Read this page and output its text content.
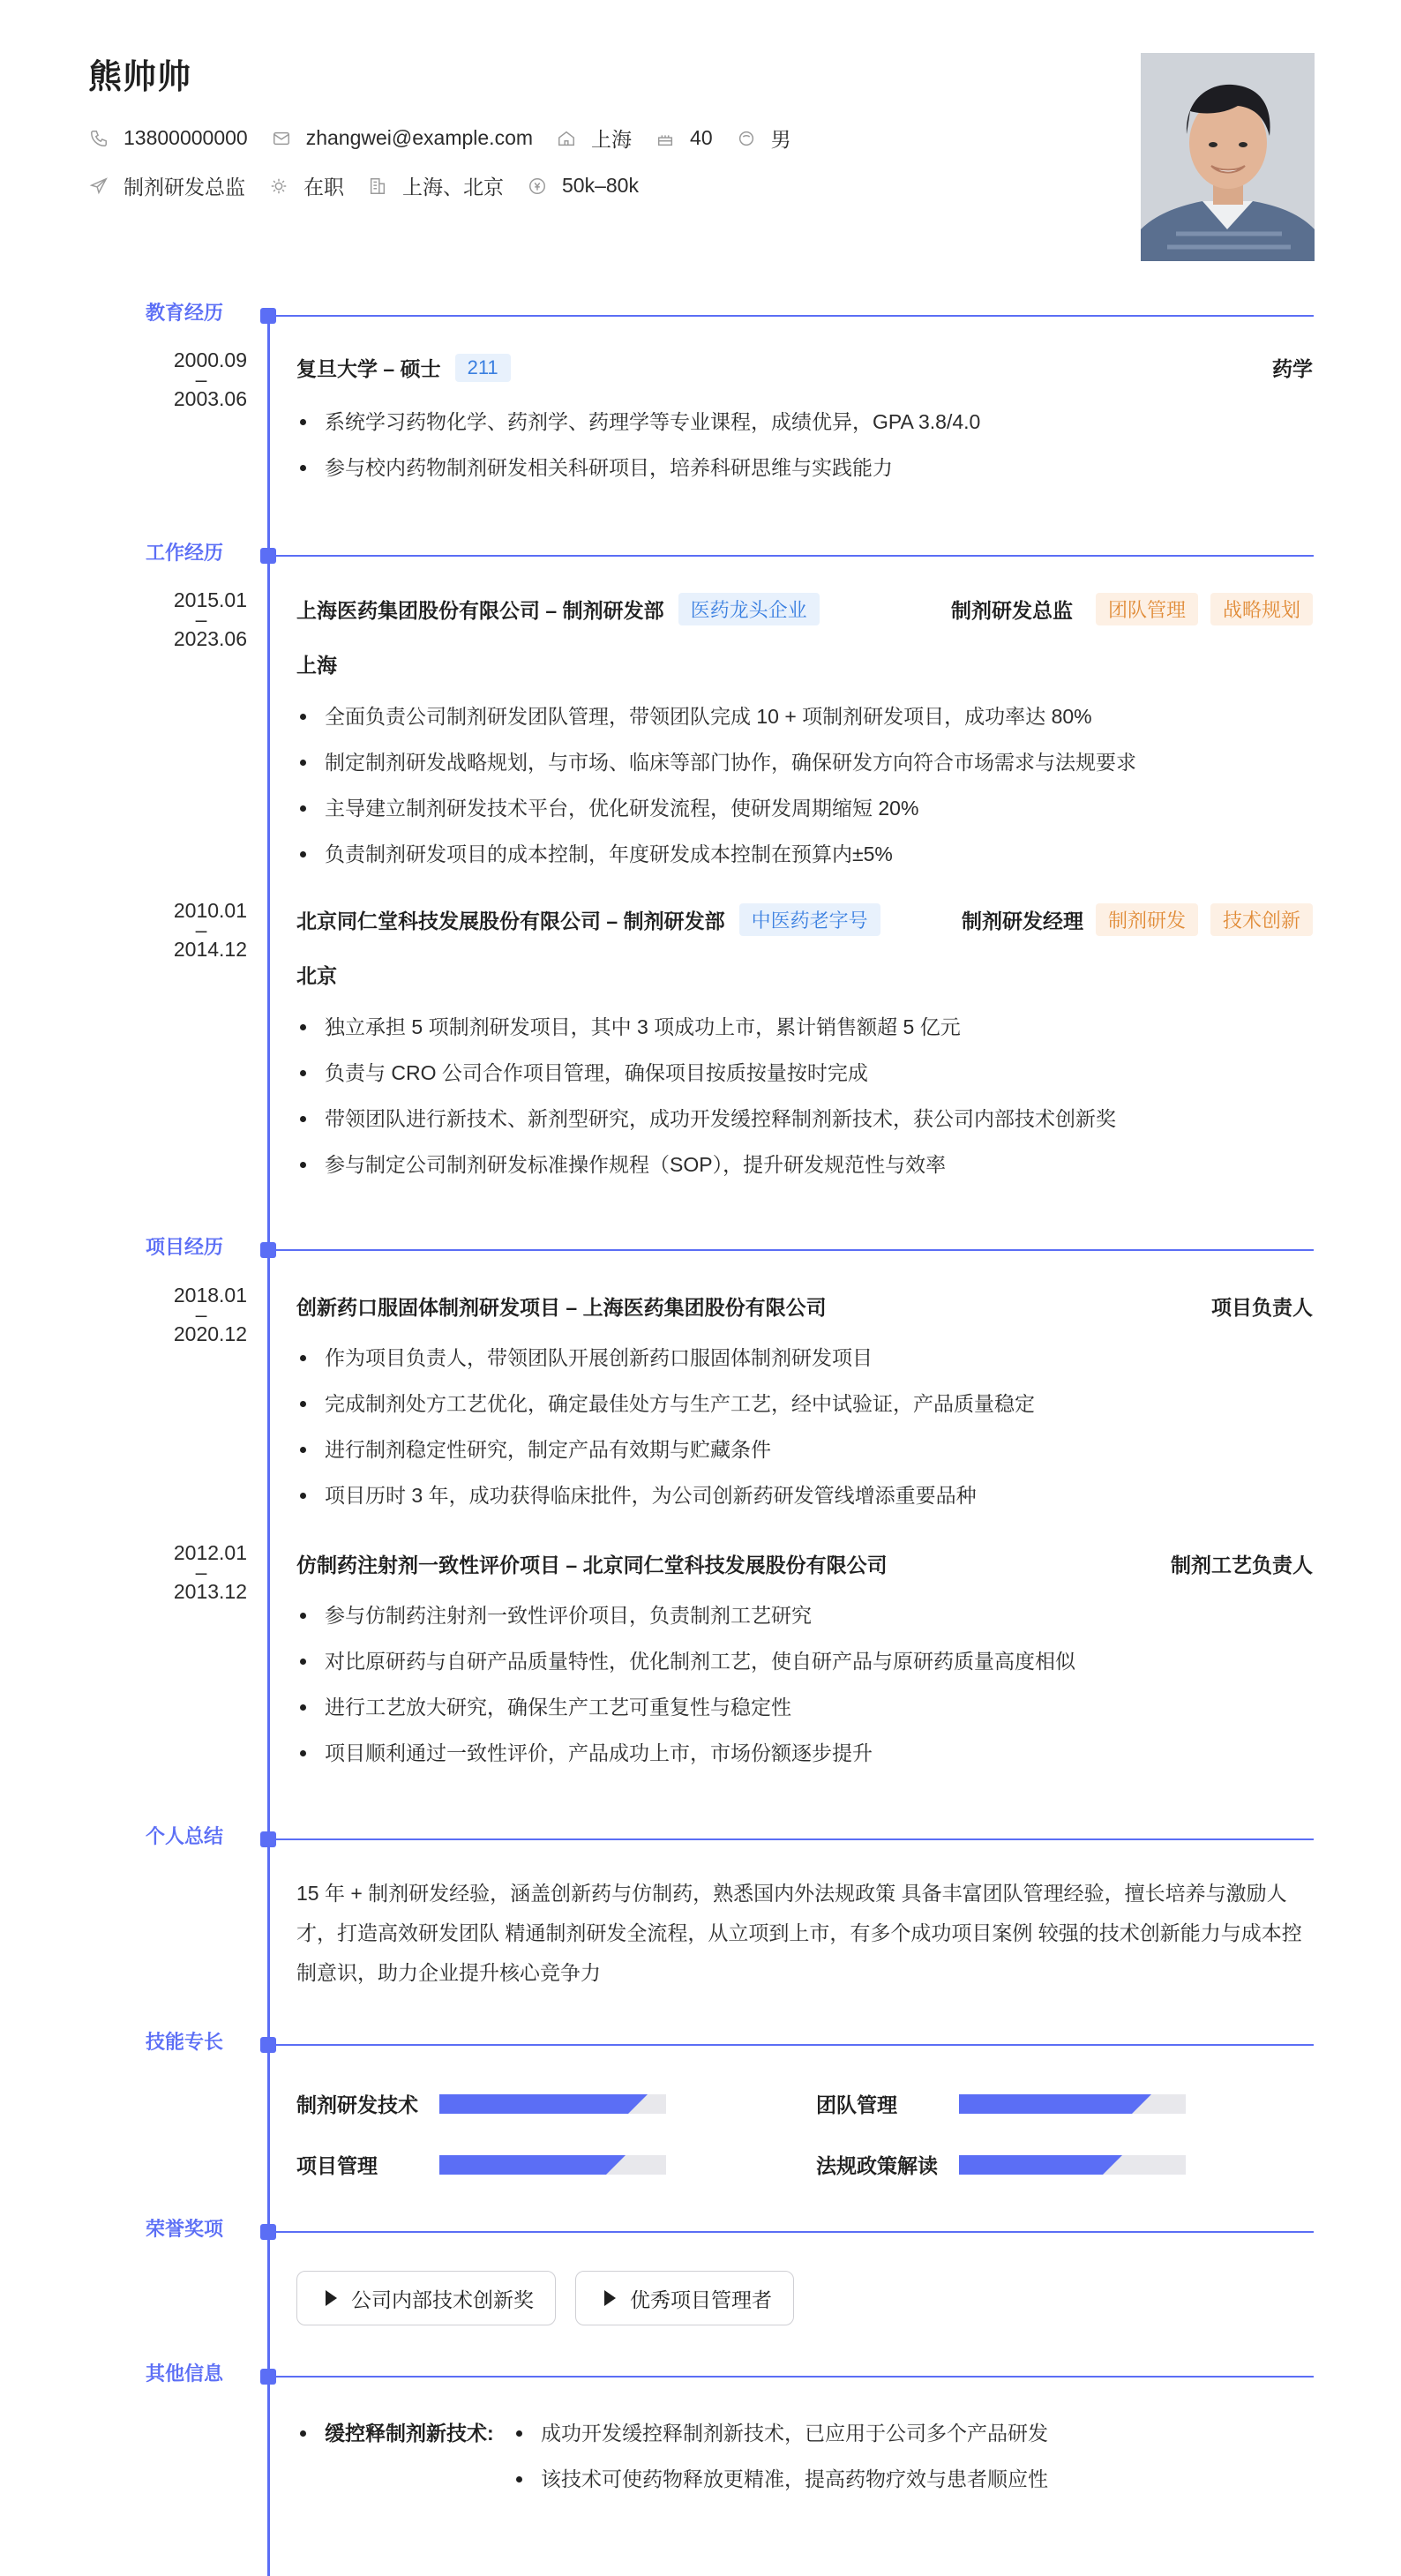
熊帅帅
13800000000	zhangwei@example.com	上海	40	男
制剂研发总监	在职	上海、北京	50k–80k
教育经历
2000.09
–
2003.06
复旦大学 – 硕士	211	药学
系统学习药物化学、药剂学、药理学等专业课程，成绩优异，GPA 3.8/4.0
参与校内药物制剂研发相关科研项目，培养科研思维与实践能力
工作经历
2015.01
–
2023.06
上海医药集团股份有限公司 – 制剂研发部	医药龙头企业	制剂研发总监	团队管理	战略规划
上海
全面负责公司制剂研发团队管理，带领团队完成 10 + 项制剂研发项目，成功率达 80%
制定制剂研发战略规划，与市场、临床等部门协作，确保研发方向符合市场需求与法规要求
主导建立制剂研发技术平台，优化研发流程，使研发周期缩短 20%
负责制剂研发项目的成本控制，年度研发成本控制在预算内±5%
2010.01
–
2014.12
北京同仁堂科技发展股份有限公司 – 制剂研发部	中医药老字号	制剂研发经理	制剂研发	技术创新
北京
独立承担 5 项制剂研发项目，其中 3 项成功上市，累计销售额超 5 亿元
负责与 CRO 公司合作项目管理，确保项目按质按量按时完成
带领团队进行新技术、新剂型研究，成功开发缓控释制剂新技术，获公司内部技术创新奖
参与制定公司制剂研发标准操作规程（SOP），提升研发规范性与效率
项目经历
2018.01
–
2020.12
创新药口服固体制剂研发项目 – 上海医药集团股份有限公司	项目负责人
作为项目负责人，带领团队开展创新药口服固体制剂研发项目
完成制剂处方工艺优化，确定最佳处方与生产工艺，经中试验证，产品质量稳定
进行制剂稳定性研究，制定产品有效期与贮藏条件
项目历时 3 年，成功获得临床批件，为公司创新药研发管线增添重要品种
2012.01
–
2013.12
仿制药注射剂一致性评价项目 – 北京同仁堂科技发展股份有限公司	制剂工艺负责人
参与仿制药注射剂一致性评价项目，负责制剂工艺研究
对比原研药与自研产品质量特性，优化制剂工艺，使自研产品与原研药质量高度相似
进行工艺放大研究，确保生产工艺可重复性与稳定性
项目顺利通过一致性评价，产品成功上市，市场份额逐步提升
个人总结
15 年 + 制剂研发经验，涵盖创新药与仿制药，熟悉国内外法规政策 具备丰富团队管理经验，擅长培养与激励人才，打造高效研发团队 精通制剂研发全流程，从立项到上市，有多个成功项目案例 较强的技术创新能力与成本控制意识，助力企业提升核心竞争力
技能专长
制剂研发技术	团队管理
项目管理	法规政策解读
荣誉奖项
公司内部技术创新奖	优秀项目管理者
其他信息
缓控释制剂新技术:	成功开发缓控释制剂新技术，已应用于公司多个产品研发
该技术可使药物释放更精准，提高药物疗效与患者顺应性
